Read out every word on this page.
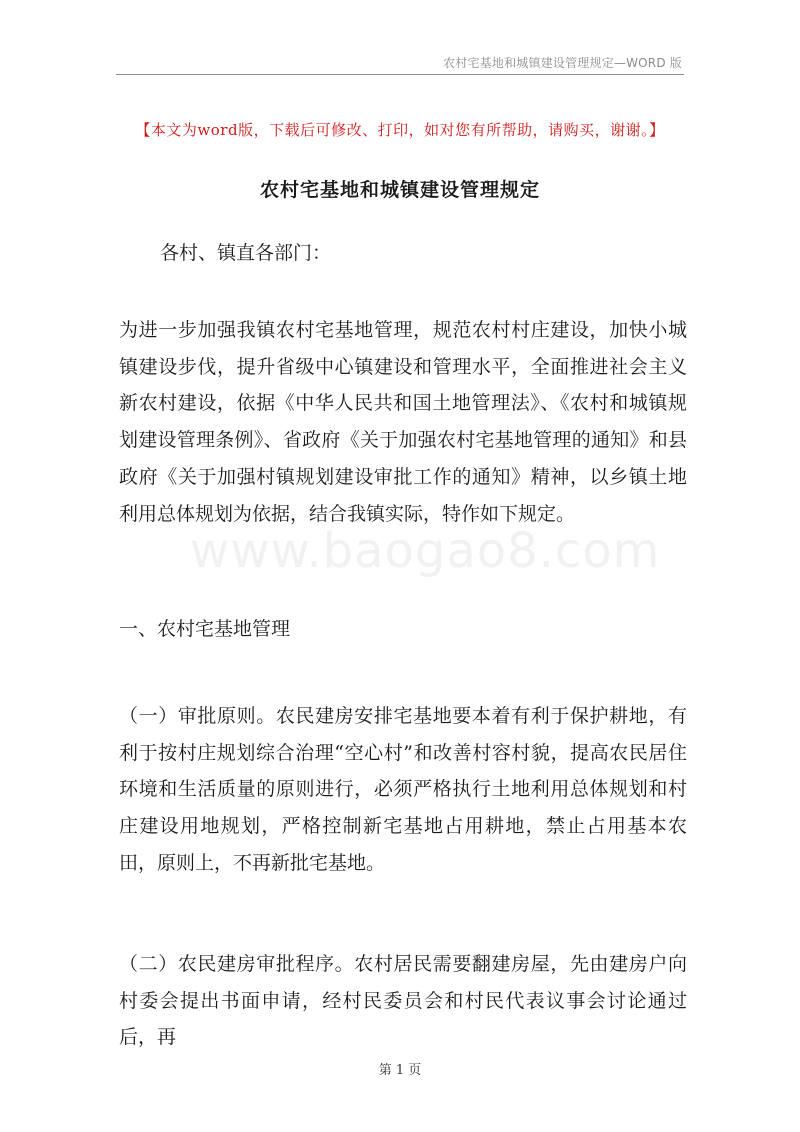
农村宅基地和城镇建设管理规定—WORD 版
【本文为word版，下载后可修改、打印，如对您有所帮助，请购买，谢谢。】
农村宅基地和城镇建设管理规定
各村、镇直各部门：

为进一步加强我镇农村宅基地管理，规范农村村庄建设，加快小城镇建设步伐，提升省级中心镇建设和管理水平，全面推进社会主义新农村建设，依据《中华人民共和国土地管理法》、《农村和城镇规划建设管理条例》、省政府《关于加强农村宅基地管理的通知》和县政府《关于加强村镇规划建设审批工作的通知》精神，以乡镇土地利用总体规划为依据，结合我镇实际，特作如下规定。

www.baogao8.com
一、农村宅基地管理

（一）审批原则。农民建房安排宅基地要本着有利于保护耕地，有利于按村庄规划综合治理“空心村”和改善村容村貌，提高农民居住环境和生活质量的原则进行，必须严格执行土地利用总体规划和村庄建设用地规划，严格控制新宅基地占用耕地，禁止占用基本农田，原则上，不再新批宅基地。

（二）农民建房审批程序。农村居民需要翻建房屋，先由建房户向村委会提出书面申请，经村民委员会和村民代表议事会讨论通过后，再

第 1 页
